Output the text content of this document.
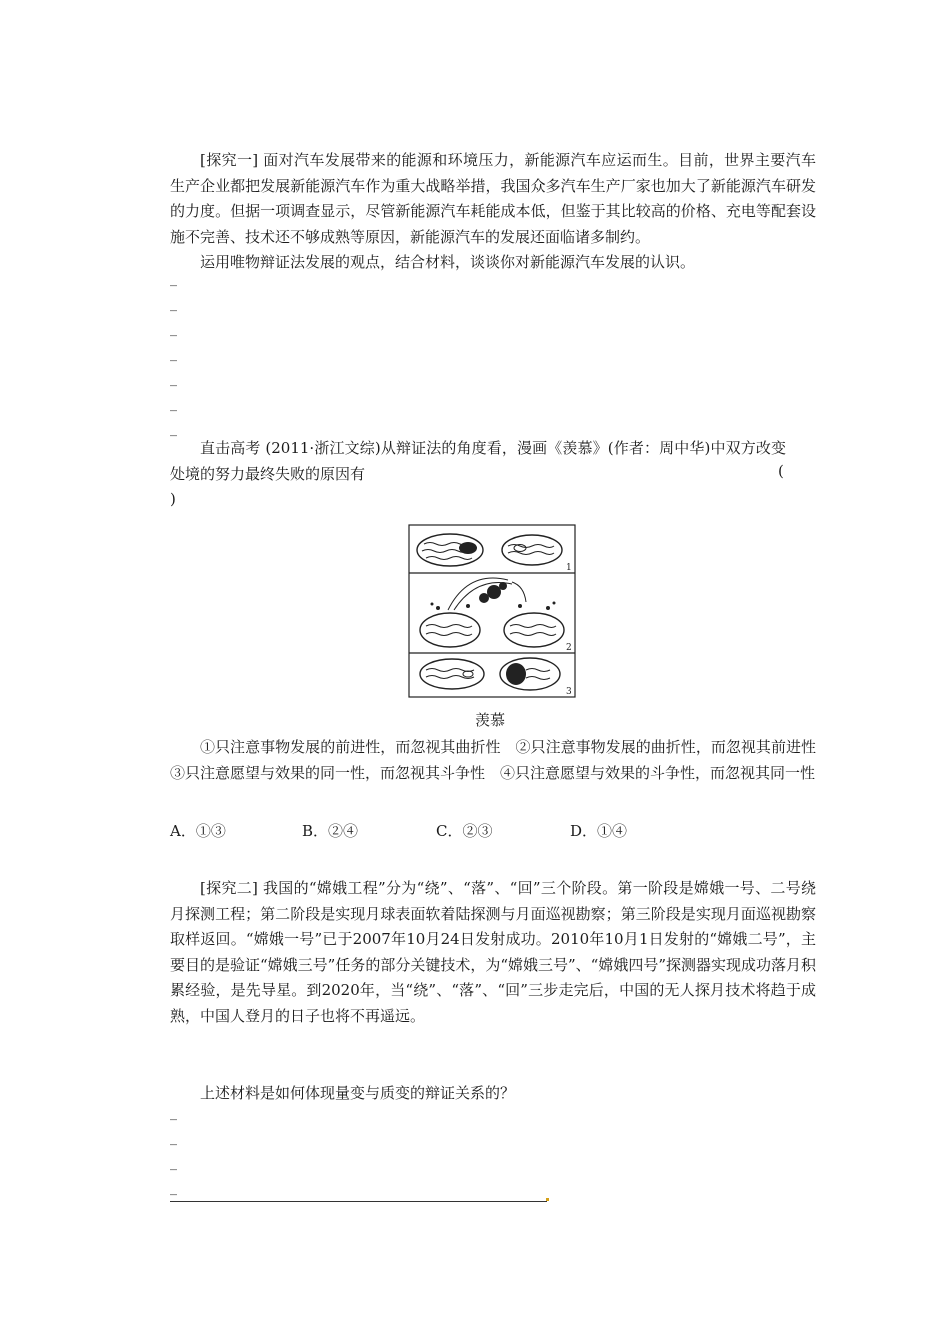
[探究一] 面对汽车发展带来的能源和环境压力，新能源汽车应运而生。目前，世界主要汽车生产企业都把发展新能源汽车作为重大战略举措，我国众多汽车生产厂家也加大了新能源汽车研发的力度。但据一项调查显示，尽管新能源汽车耗能成本低，但鉴于其比较高的价格、充电等配套设施不完善、技术还不够成熟等原因，新能源汽车的发展还面临诸多制约。

运用唯物辩证法发展的观点，结合材料，谈谈你对新能源汽车发展的认识。

_
_
_
_
_
_
_

直击高考 (2011·浙江文综)从辩证法的角度看，漫画《羡慕》(作者：周中华)中双方改变处境的努力最终失败的原因有	(
)
1
2
3
羡慕

①只注意事物发展的前进性，而忽视其曲折性　②只注意事物发展的曲折性，而忽视其前进性　③只注意愿望与效果的同一性，而忽视其斗争性　④只注意愿望与效果的斗争性，而忽视其同一性

A．①③	B．②④	C．②③	D．①④

[探究二] 我国的“嫦娥工程”分为“绕”、“落”、“回”三个阶段。第一阶段是嫦娥一号、二号绕月探测工程；第二阶段是实现月球表面软着陆探测与月面巡视勘察；第三阶段是实现月面巡视勘察取样返回。“嫦娥一号”已于2007年10月24日发射成功。2010年10月1日发射的“嫦娥二号”，主要目的是验证“嫦娥三号”任务的部分关键技术，为“嫦娥三号”、“嫦娥四号”探测器实现成功落月积累经验，是先导星。到2020年，当“绕”、“落”、“回”三步走完后，中国的无人探月技术将趋于成熟，中国人登月的日子也将不再遥远。

上述材料是如何体现量变与质变的辩证关系的？

_
_
_
_
